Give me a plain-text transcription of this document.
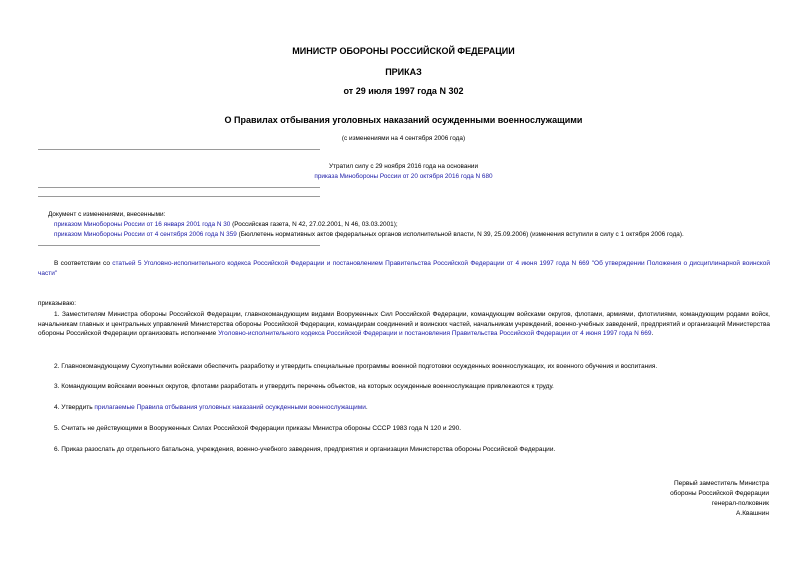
МИНИСТР ОБОРОНЫ РОССИЙСКОЙ ФЕДЕРАЦИИ
ПРИКАЗ
от 29 июля 1997 года N 302
О Правилах отбывания уголовных наказаний осужденными военнослужащими
(с изменениями на 4 сентября 2006 года)
Утратил силу с 29 ноября 2016 года на основании
приказа Минобороны России от 20 октября 2016 года N 680
Документ с изменениями, внесенными:
приказом Минобороны России от 16 января 2001 года N 30 (Российская газета, N 42, 27.02.2001, N 46, 03.03.2001);
приказом Минобороны России от 4 сентября 2006 года N 359 (Бюллетень нормативных актов федеральных органов исполнительной власти, N 39, 25.09.2006) (изменения вступили в силу с 1 октября 2006 года).
В соответствии со статьей 5 Уголовно-исполнительного кодекса Российской Федерации и постановлением Правительства Российской Федерации от 4 июня 1997 года N 669 "Об утверждении Положения о дисциплинарной воинской части"
приказываю:
1. Заместителям Министра обороны Российской Федерации, главнокомандующим видами Вооруженных Сил Российской Федерации, командующим войсками округов, флотами, армиями, флотилиями, командующим родами войск, начальникам главных и центральных управлений Министерства обороны Российской Федерации, командирам соединений и воинских частей, начальникам учреждений, военно-учебных заведений, предприятий и организаций Министерства обороны Российской Федерации организовать исполнение Уголовно-исполнительного кодекса Российской Федерации и постановления Правительства Российской Федерации от 4 июня 1997 года N 669.
2. Главнокомандующему Сухопутными войсками обеспечить разработку и утвердить специальные программы военной подготовки осужденных военнослужащих, их военного обучения и воспитания.
3. Командующим войсками военных округов, флотами разработать и утвердить перечень объектов, на которых осужденные военнослужащие привлекаются к труду.
4. Утвердить прилагаемые Правила отбывания уголовных наказаний осужденными военнослужащими.
5. Считать не действующими в Вооруженных Силах Российской Федерации приказы Министра обороны СССР 1983 года N 120 и 290.
6. Приказ разослать до отдельного батальона, учреждения, военно-учебного заведения, предприятия и организации Министерства обороны Российской Федерации.
Первый заместитель Министра
обороны Российской Федерации
генерал-полковник
А.Квашнин
